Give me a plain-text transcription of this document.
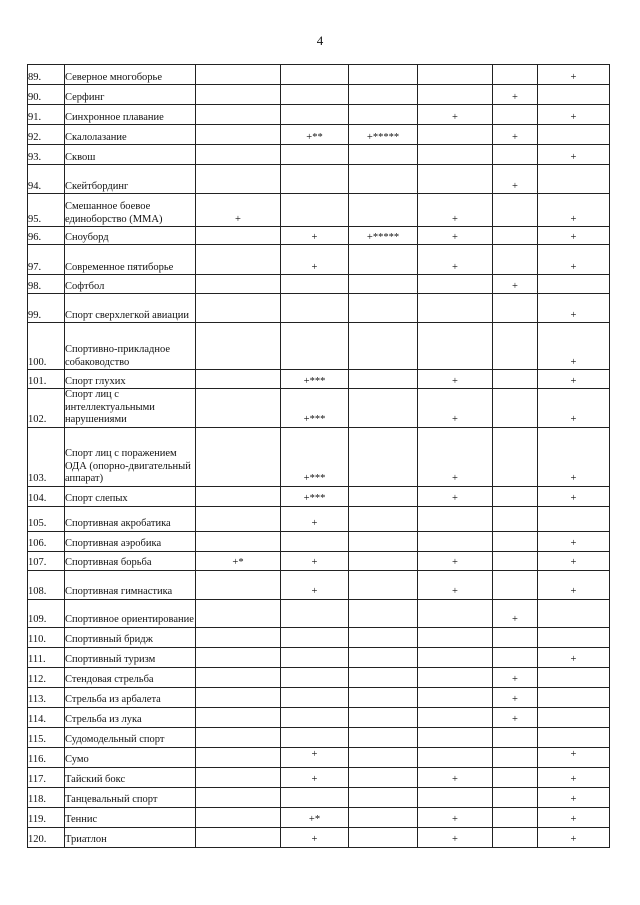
4
89.	Северное многоборье						+
90.	Серфинг					+	
91.	Синхронное плавание				+		+
92.	Скалолазание		+**	+*****		+	
93.	Сквош						+
94.	Скейтбординг					+	
95.	Смешанное боевое единоборство (ММА)	+			+		+
96.	Сноуборд		+	+*****	+		+
97.	Современное пятиборье		+		+		+
98.	Софтбол					+	
99.	Спорт сверхлегкой авиации						+
100.	Спортивно-прикладное собаководство						+
101.	Спорт глухих		+***		+		+
102.	Спорт лиц с интеллектуальными нарушениями		+***		+		+
103.	Спорт лиц с поражением ОДА (опорно-двигательный аппарат)		+***		+		+
104.	Спорт слепых		+***		+		+
105.	Спортивная акробатика		+				
106.	Спортивная аэробика						+
107.	Спортивная борьба	+*	+		+		+
108.	Спортивная гимнастика		+		+		+
109.	Спортивное ориентирование					+	
110.	Спортивный бридж						
111.	Спортивный туризм						+
112.	Стендовая стрельба					+	
113.	Стрельба из арбалета					+	
114.	Стрельба из лука					+	
115.	Судомодельный спорт						
116.	Сумо		+				+
117.	Тайский бокс		+		+		+
118.	Танцевальный спорт						+
119.	Теннис		+*		+		+
120.	Триатлон		+		+		+
